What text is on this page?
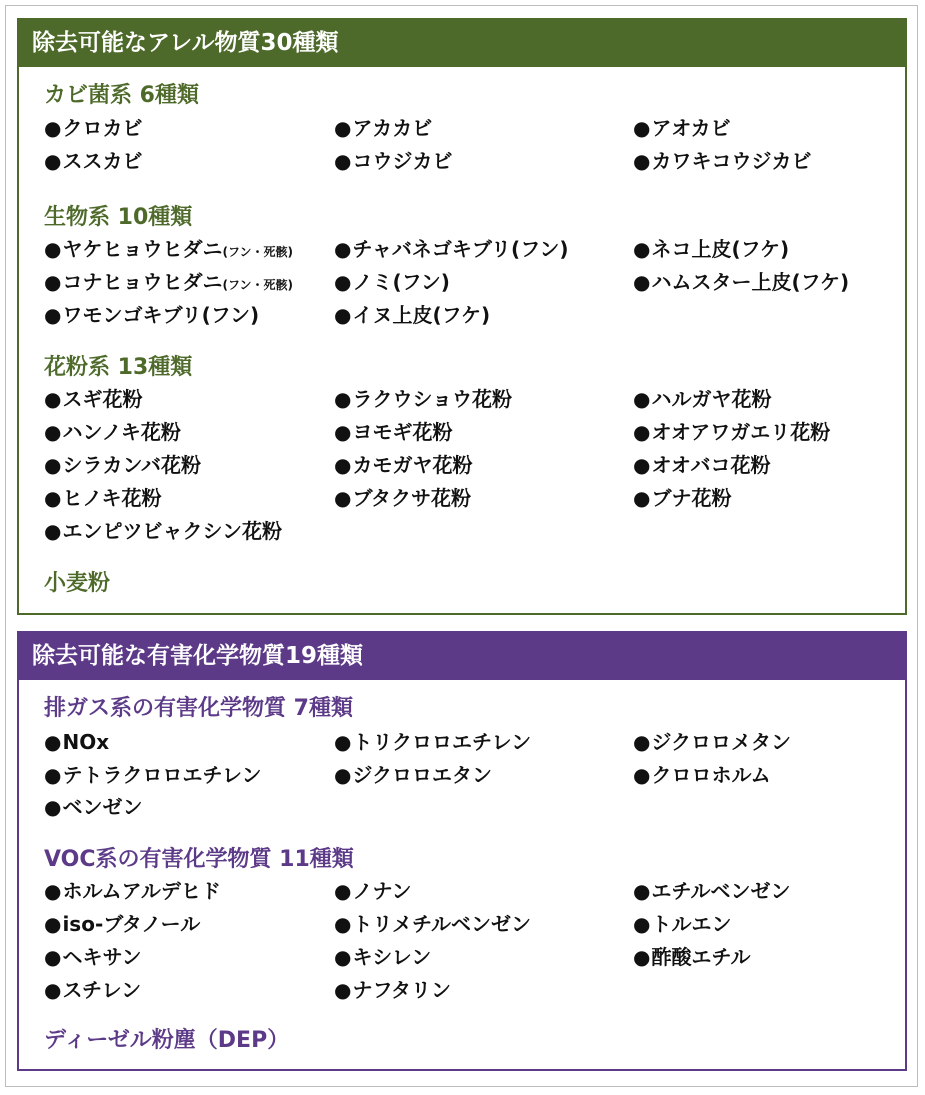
除去可能なアレル物質30種類
カビ菌系 6種類
●クロカビ	●アカカビ	●アオカビ
●ススカビ	●コウジカビ	●カワキコウジカビ
生物系 10種類
●ヤケヒョウヒダニ(フン・死骸) ●チャバネゴキブリ(フン)	●ネコ上皮(フケ)
●コナヒョウヒダニ(フン・死骸) ●ノミ(フン)	●ハムスター上皮(フケ)
●ワモンゴキブリ(フン)	●イヌ上皮(フケ)
花粉系 13種類
●スギ花粉	●ラクウショウ花粉	●ハルガヤ花粉
●ハンノキ花粉	●ヨモギ花粉	●オオアワガエリ花粉
●シラカンバ花粉	●カモガヤ花粉	●オオバコ花粉
●ヒノキ花粉	●ブタクサ花粉	●ブナ花粉
●エンピツビャクシン花粉
小麦粉
除去可能な有害化学物質19種類
排ガス系の有害化学物質 7種類
●NOx	●トリクロロエチレン	●ジクロロメタン
●テトラクロロエチレン	●ジクロロエタン	●クロロホルム
●ベンゼン
VOC系の有害化学物質 11種類
●ホルムアルデヒド	●ノナン	●エチルベンゼン
●iso-ブタノール	●トリメチルベンゼン	●トルエン
●ヘキサン	●キシレン	●酢酸エチル
●スチレン	●ナフタリン
ディーゼル粉塵（DEP）
